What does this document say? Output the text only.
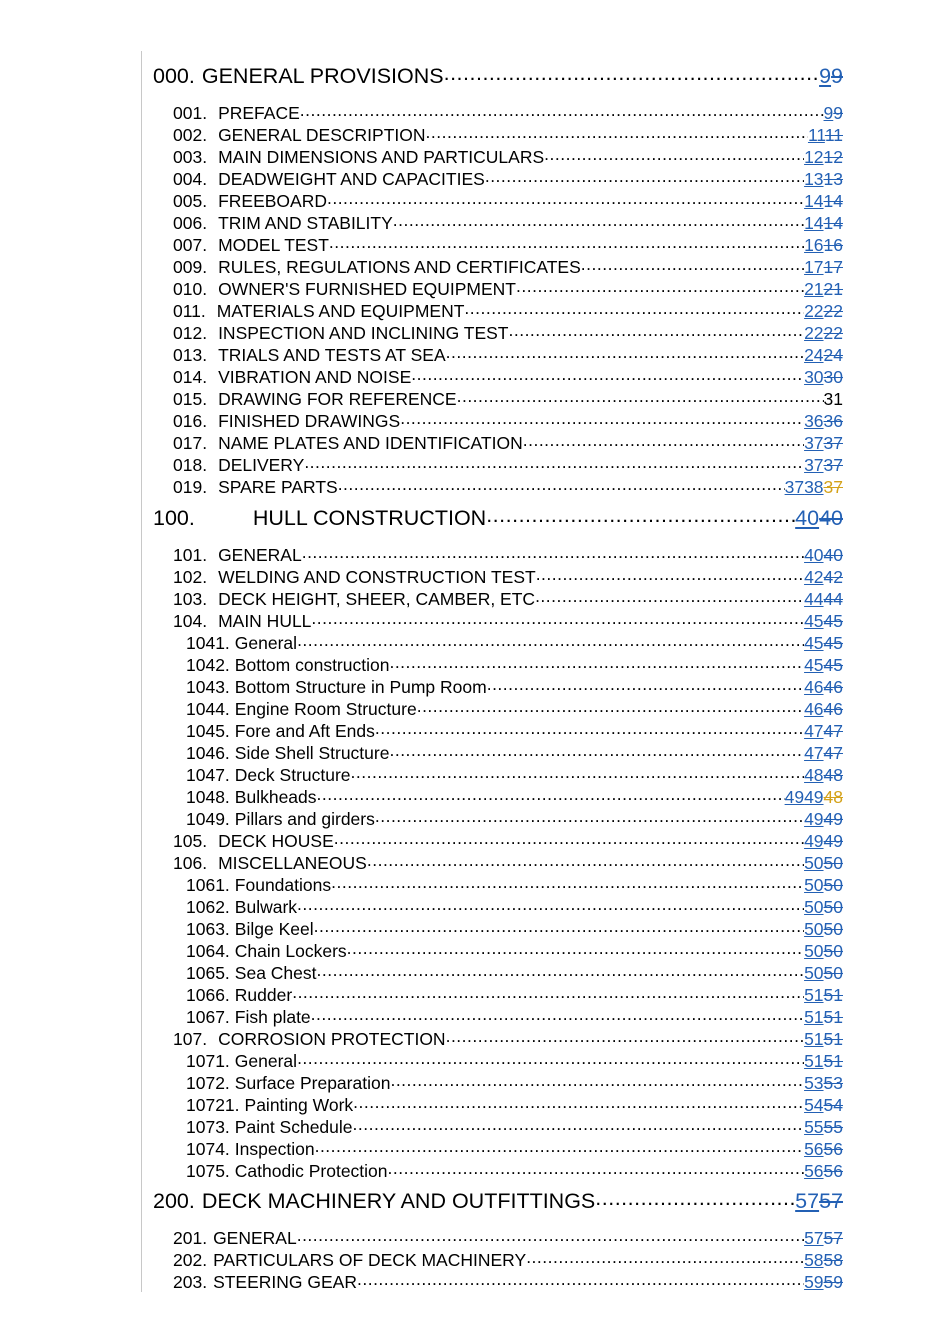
000. GENERAL PROVISIONS .....	99
001. PREFACE .....	99
002. GENERAL DESCRIPTION .....	1111
003. MAIN DIMENSIONS AND PARTICULARS .....	1212
004. DEADWEIGHT AND CAPACITIES .....	1313
005. FREEBOARD .....	1414
006. TRIM AND STABILITY .....	1414
007. MODEL TEST .....	1616
009. RULES, REGULATIONS AND CERTIFICATES .....	1717
010. OWNER'S FURNISHED EQUIPMENT .....	2121
011. MATERIALS AND EQUIPMENT .....	2222
012. INSPECTION AND INCLINING TEST .....	2222
013. TRIALS AND TESTS AT SEA .....	2424
014. VIBRATION AND NOISE .....	3030
015. DRAWING FOR REFERENCE .....	31
016. FINISHED DRAWINGS .....	3636
017. NAME PLATES AND IDENTIFICATION .....	3737
018. DELIVERY .....	3737
019. SPARE PARTS .....	373837
100.	HULL CONSTRUCTION .....	4040
101. GENERAL .....	4040
102. WELDING AND CONSTRUCTION TEST .....	4242
103. DECK HEIGHT, SHEER, CAMBER, ETC .....	4444
104. MAIN HULL .....	4545
1041. General .....	4545
1042. Bottom construction .....	4545
1043. Bottom Structure in Pump Room .....	4646
1044. Engine Room Structure .....	4646
1045. Fore and Aft Ends .....	4747
1046. Side Shell Structure .....	4747
1047. Deck Structure .....	4848
1048. Bulkheads .....	494948
1049. Pillars and girders .....	4949
105. DECK HOUSE .....	4949
106. MISCELLANEOUS .....	5050
1061. Foundations .....	5050
1062. Bulwark .....	5050
1063. Bilge Keel .....	5050
1064. Chain Lockers .....	5050
1065. Sea Chest .....	5050
1066. Rudder .....	5151
1067. Fish plate .....	5151
107. CORROSION PROTECTION .....	5151
1071. General .....	5151
1072. Surface Preparation .....	5353
10721. Painting Work .....	5454
1073. Paint Schedule .....	5555
1074. Inspection .....	5656
1075. Cathodic Protection .....	5656
200. DECK MACHINERY AND OUTFITTINGS .....	5757
201. GENERAL .....	5757
202. PARTICULARS OF DECK MACHINERY .....	5858
203. STEERING GEAR .....	5959
